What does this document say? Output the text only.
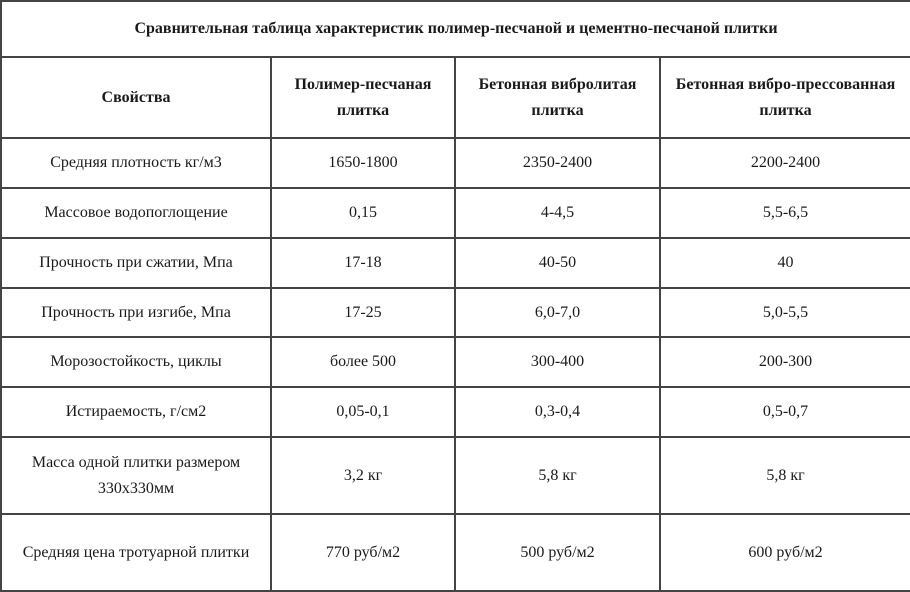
Сравнительная таблица характеристик полимер-песчаной и цементно-песчаной плитки			
Свойства	Полимер-песчаная плитка	Бетонная вибролитая плитка	Бетонная вибро-прессованная плитка
Средняя плотность кг/м3	1650-1800	2350-2400	2200-2400
Массовое водопоглощение	0,15	4-4,5	5,5-6,5
Прочность при сжатии, Мпа	17-18	40-50	40
Прочность при изгибе, Мпа	17-25	6,0-7,0	5,0-5,5
Морозостойкость, циклы	более 500	300-400	200-300
Истираемость, г/см2	0,05-0,1	0,3-0,4	0,5-0,7
Масса одной плитки размером 330х330мм	3,2 кг	5,8 кг	5,8 кг
Средняя цена тротуарной плитки	770 руб/м2	500 руб/м2	600 руб/м2
